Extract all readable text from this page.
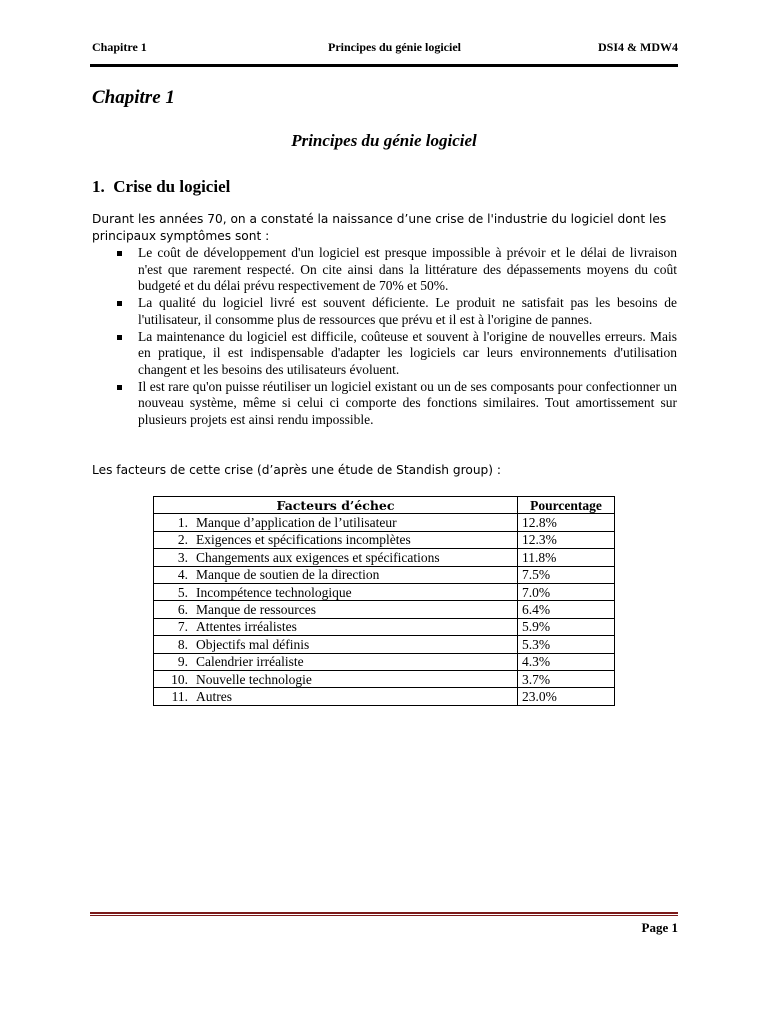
Chapitre 1	Principes du génie logiciel	DSI4 & MDW4
Chapitre 1
Principes du génie logiciel
1. Crise du logiciel

Durant les années 70, on a constaté la naissance d’une crise de l'industrie du logiciel dont les principaux symptômes sont :

Le coût de développement d'un logiciel est presque impossible à prévoir et le délai de livraison n'est que rarement respecté. On cite ainsi dans la littérature des dépassements moyens du coût budgeté et du délai prévu respectivement de 70% et 50%.
La qualité du logiciel livré est souvent déficiente. Le produit ne satisfait pas les besoins de l'utilisateur, il consomme plus de ressources que prévu et il est à l'origine de pannes.
La maintenance du logiciel est difficile, coûteuse et souvent à l'origine de nouvelles erreurs. Mais en pratique, il est indispensable d'adapter les logiciels car leurs environnements d'utilisation changent et les besoins des utilisateurs évoluent.
Il est rare qu'on puisse réutiliser un logiciel existant ou un de ses composants pour confectionner un nouveau système, même si celui ci comporte des fonctions similaires. Tout amortissement sur plusieurs projets est ainsi rendu impossible.

Les facteurs de cette crise (d’après une étude de Standish group) :

Facteurs d’échec	Pourcentage
1. Manque d’application de l’utilisateur	12.8%
2. Exigences et spécifications incomplètes	12.3%
3. Changements aux exigences et spécifications	11.8%
4. Manque de soutien de la direction	7.5%
5. Incompétence technologique	7.0%
6. Manque de ressources	6.4%
7. Attentes irréalistes	5.9%
8. Objectifs mal définis	5.3%
9. Calendrier irréaliste	4.3%
10. Nouvelle technologie	3.7%
11. Autres	23.0%

Page 1
